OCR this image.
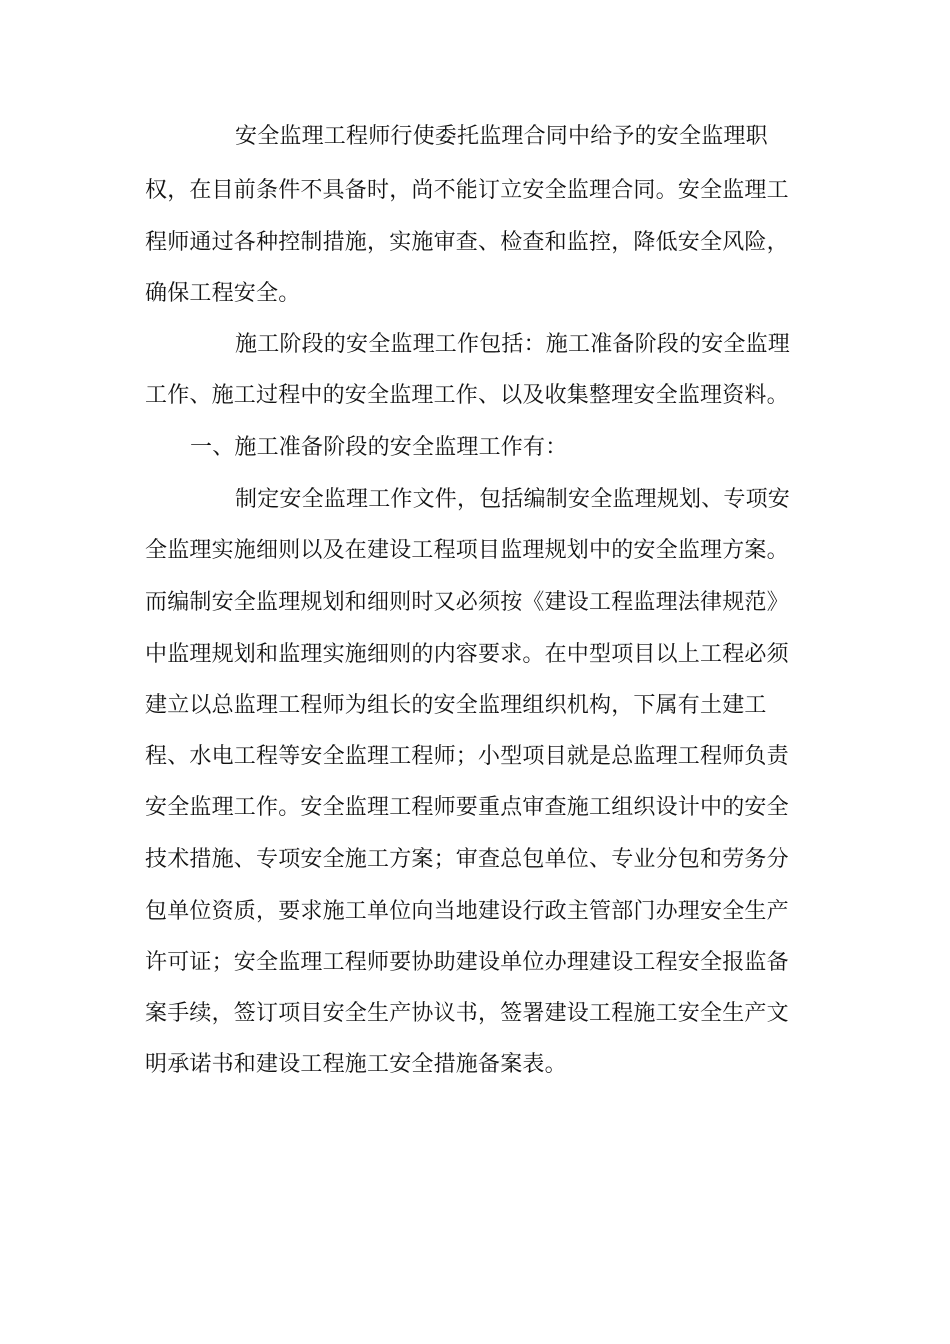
安全监理工程师行使委托监理合同中给予的安全监理职
权，在目前条件不具备时，尚不能订立安全监理合同。安全监理工
程师通过各种控制措施，实施审查、检查和监控，降低安全风险，
确保工程安全。
施工阶段的安全监理工作包括：施工准备阶段的安全监理
工作、施工过程中的安全监理工作、以及收集整理安全监理资料。
一、施工准备阶段的安全监理工作有：
制定安全监理工作文件，包括编制安全监理规划、专项安
全监理实施细则以及在建设工程项目监理规划中的安全监理方案。
而编制安全监理规划和细则时又必须按《建设工程监理法律规范》
中监理规划和监理实施细则的内容要求。在中型项目以上工程必须
建立以总监理工程师为组长的安全监理组织机构，下属有土建工
程、水电工程等安全监理工程师；小型项目就是总监理工程师负责
安全监理工作。安全监理工程师要重点审查施工组织设计中的安全
技术措施、专项安全施工方案；审查总包单位、专业分包和劳务分
包单位资质，要求施工单位向当地建设行政主管部门办理安全生产
许可证；安全监理工程师要协助建设单位办理建设工程安全报监备
案手续，签订项目安全生产协议书，签署建设工程施工安全生产文
明承诺书和建设工程施工安全措施备案表。
